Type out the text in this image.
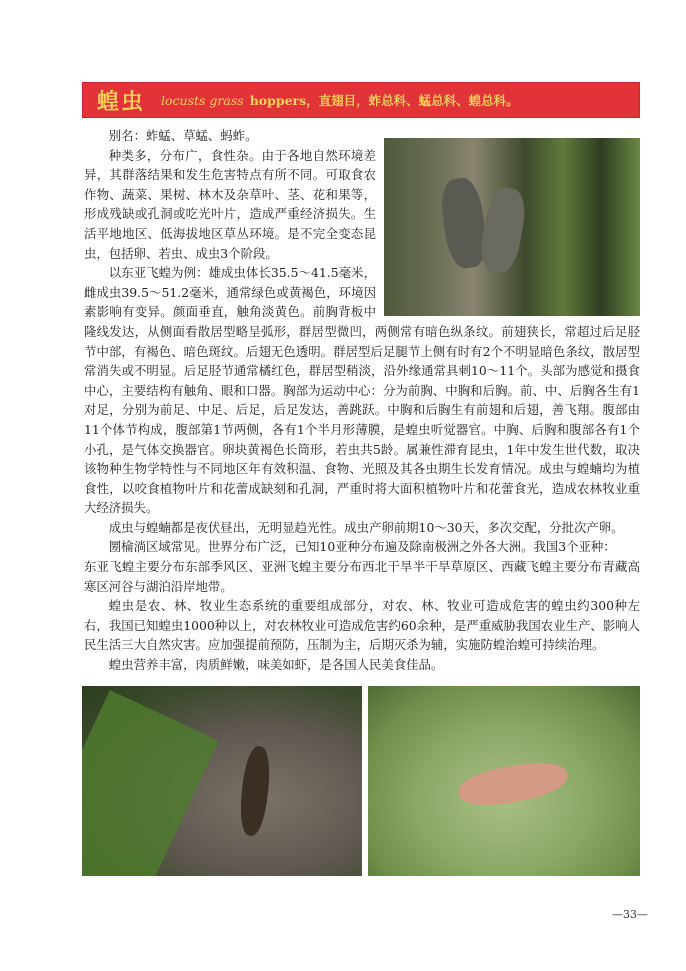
蝗虫 locusts grass hoppers，直翅目，蚱总科、蜢总科、蝗总科。

别名：蚱蜢、草蜢、蚂蚱。

种类多，分布广，食性杂。由于各地自然环境差异，其群落结果和发生危害特点有所不同。可取食农作物、蔬菜、果树、林木及杂草叶、茎、花和果等，形成残缺或孔洞或吃光叶片，造成严重经济损失。生活平地地区、低海拔地区草丛环境。是不完全变态昆虫，包括卵、若虫、成虫3个阶段。

以东亚飞蝗为例：雄成虫体长35.5～41.5毫米，雌成虫39.5～51.2毫米，通常绿色或黄褐色，环境因素影响有变异。颜面垂直，触角淡黄色。前胸背板中隆线发达，从侧面看散居型略呈弧形，群居型微凹，两侧常有暗色纵条纹。前翅狭长，常超过后足胫节中部，有褐色、暗色斑纹。后翅无色透明。群居型后足腿节上侧有时有2个不明显暗色条纹，散居型常消失或不明显。后足胫节通常橘红色，群居型稍淡，沿外缘通常具刺10～11个。头部为感觉和摄食中心，主要结构有触角、眼和口器。胸部为运动中心：分为前胸、中胸和后胸。前、中、后胸各生有1对足，分别为前足、中足、后足，后足发达，善跳跃。中胸和后胸生有前翅和后翅，善飞翔。腹部由11个体节构成，腹部第1节两侧，各有1个半月形薄膜，是蝗虫听觉器官。中胸、后胸和腹部各有1个小孔，是气体交换器官。卵块黄褐色长筒形，若虫共5龄。属兼性滞育昆虫，1年中发生世代数，取决该物种生物学特性与不同地区年有效积温、食物、光照及其各虫期生长发育情况。成虫与蝗蝻均为植食性，以咬食植物叶片和花蕾成缺刻和孔洞，严重时将大面积植物叶片和花蕾食光，造成农林牧业重大经济损失。

成虫与蝗蝻都是夜伏昼出，无明显趋光性。成虫产卵前期10～30天，多次交配，分批次产卵。

圐棆淌区域常见。世界分布广泛，已知10亚种分布遍及除南极洲之外各大洲。我国3个亚种：

东亚飞蝗主要分布东部季风区、亚洲飞蝗主要分布西北干旱半干旱草原区、西藏飞蝗主要分布青藏高寒区河谷与湖泊沿岸地带。

蝗虫是农、林、牧业生态系统的重要组成部分，对农、林、牧业可造成危害的蝗虫约300种左右，我国已知蝗虫1000种以上，对农林牧业可造成危害约60余种，是严重威胁我国农业生产、影响人民生活三大自然灾害。应加强提前预防，压制为主，后期灭杀为辅，实施防蝗治蝗可持续治理。

蝗虫营养丰富，肉质鲜嫩，味美如虾，是各国人民美食佳品。

—33—
